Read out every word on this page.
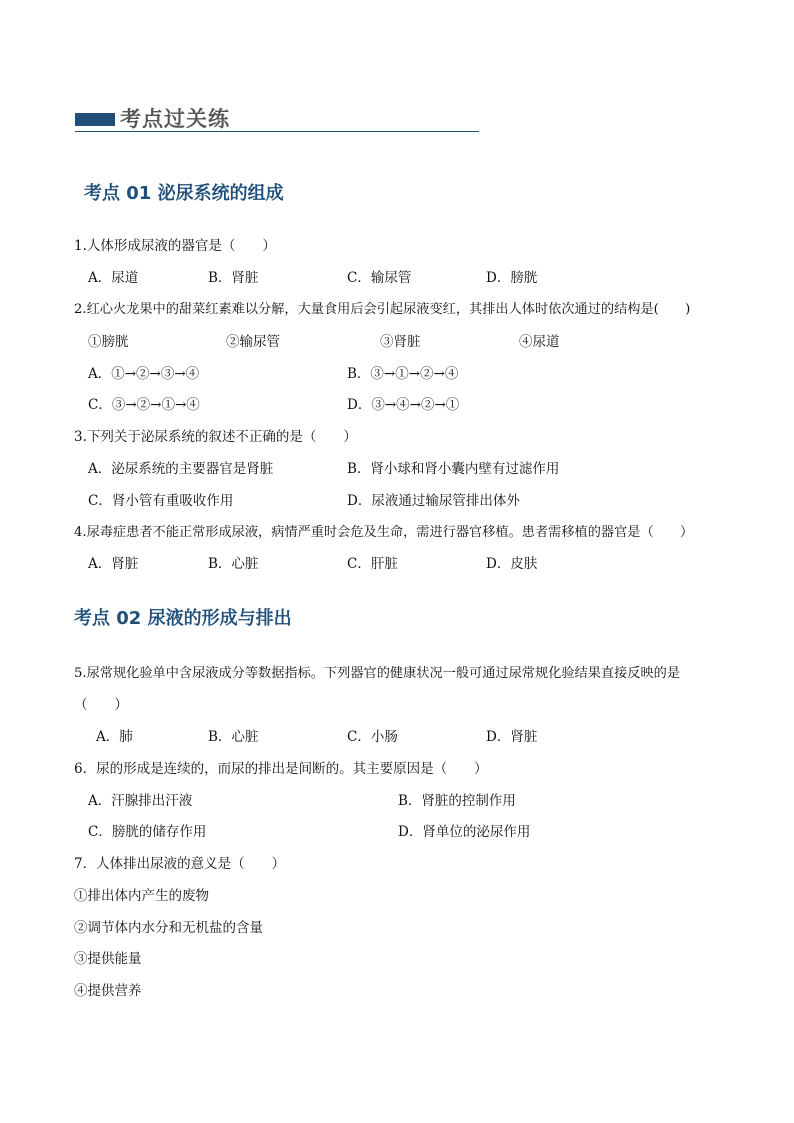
考点过关练
考点 01 泌尿系统的组成
1.人体形成尿液的器官是（　　）
A．尿道	B．肾脏	C．输尿管	D．膀胱
2.红心火龙果中的甜菜红素难以分解，大量食用后会引起尿液变红，其排出人体时依次通过的结构是(　　)
①膀胱	②输尿管	③肾脏	④尿道
A．①→②→③→④	B．③→①→②→④
C．③→②→①→④	D．③→④→②→①
3.下列关于泌尿系统的叙述不正确的是（　　）
A．泌尿系统的主要器官是肾脏	B．肾小球和肾小囊内壁有过滤作用
C．肾小管有重吸收作用	D．尿液通过输尿管排出体外
4.尿毒症患者不能正常形成尿液，病情严重时会危及生命，需进行器官移植。患者需移植的器官是（　　）
A．肾脏	B．心脏	C．肝脏	D．皮肤
考点 02 尿液的形成与排出
5.尿常规化验单中含尿液成分等数据指标。下列器官的健康状况一般可通过尿常规化验结果直接反映的是
（　　）
A．肺	B．心脏	C．小肠	D．肾脏
6．尿的形成是连续的，而尿的排出是间断的。其主要原因是（　　）
A．汗腺排出汗液	B．肾脏的控制作用
C．膀胱的储存作用	D．肾单位的泌尿作用
7．人体排出尿液的意义是（　　）
①排出体内产生的废物
②调节体内水分和无机盐的含量
③提供能量
④提供营养
